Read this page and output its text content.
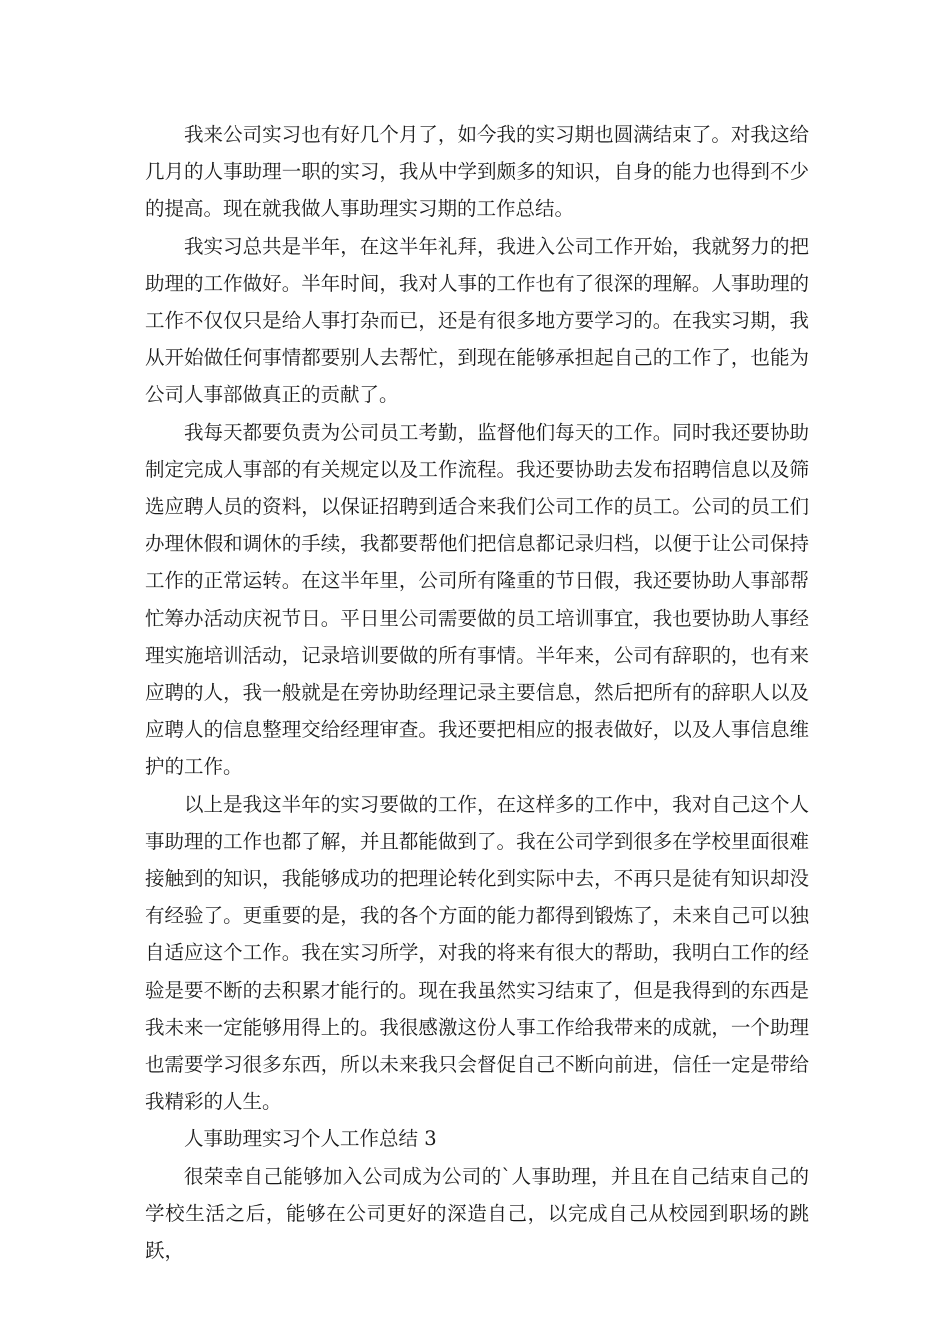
我来公司实习也有好几个月了，如今我的实习期也圆满结束了。对我这给几月的人事助理一职的实习，我从中学到颇多的知识，自身的能力也得到不少的提高。现在就我做人事助理实习期的工作总结。

我实习总共是半年，在这半年礼拜，我进入公司工作开始，我就努力的把助理的工作做好。半年时间，我对人事的工作也有了很深的理解。人事助理的工作不仅仅只是给人事打杂而已，还是有很多地方要学习的。在我实习期，我从开始做任何事情都要别人去帮忙，到现在能够承担起自己的工作了，也能为公司人事部做真正的贡献了。

我每天都要负责为公司员工考勤，监督他们每天的工作。同时我还要协助制定完成人事部的有关规定以及工作流程。我还要协助去发布招聘信息以及筛选应聘人员的资料，以保证招聘到适合来我们公司工作的员工。公司的员工们办理休假和调休的手续，我都要帮他们把信息都记录归档，以便于让公司保持工作的正常运转。在这半年里，公司所有隆重的节日假，我还要协助人事部帮忙筹办活动庆祝节日。平日里公司需要做的员工培训事宜，我也要协助人事经理实施培训活动，记录培训要做的所有事情。半年来，公司有辞职的，也有来应聘的人，我一般就是在旁协助经理记录主要信息，然后把所有的辞职人以及应聘人的信息整理交给经理审查。我还要把相应的报表做好，以及人事信息维护的工作。

以上是我这半年的实习要做的工作，在这样多的工作中，我对自己这个人事助理的工作也都了解，并且都能做到了。我在公司学到很多在学校里面很难接触到的知识，我能够成功的把理论转化到实际中去，不再只是徒有知识却没有经验了。更重要的是，我的各个方面的能力都得到锻炼了，未来自己可以独自适应这个工作。我在实习所学，对我的将来有很大的帮助，我明白工作的经验是要不断的去积累才能行的。现在我虽然实习结束了，但是我得到的东西是我未来一定能够用得上的。我很感激这份人事工作给我带来的成就，一个助理也需要学习很多东西，所以未来我只会督促自己不断向前进，信任一定是带给我精彩的人生。

人事助理实习个人工作总结 3

很荣幸自己能够加入公司成为公司的`人事助理，并且在自己结束自己的学校生活之后，能够在公司更好的深造自己，以完成自己从校园到职场的跳跃，
